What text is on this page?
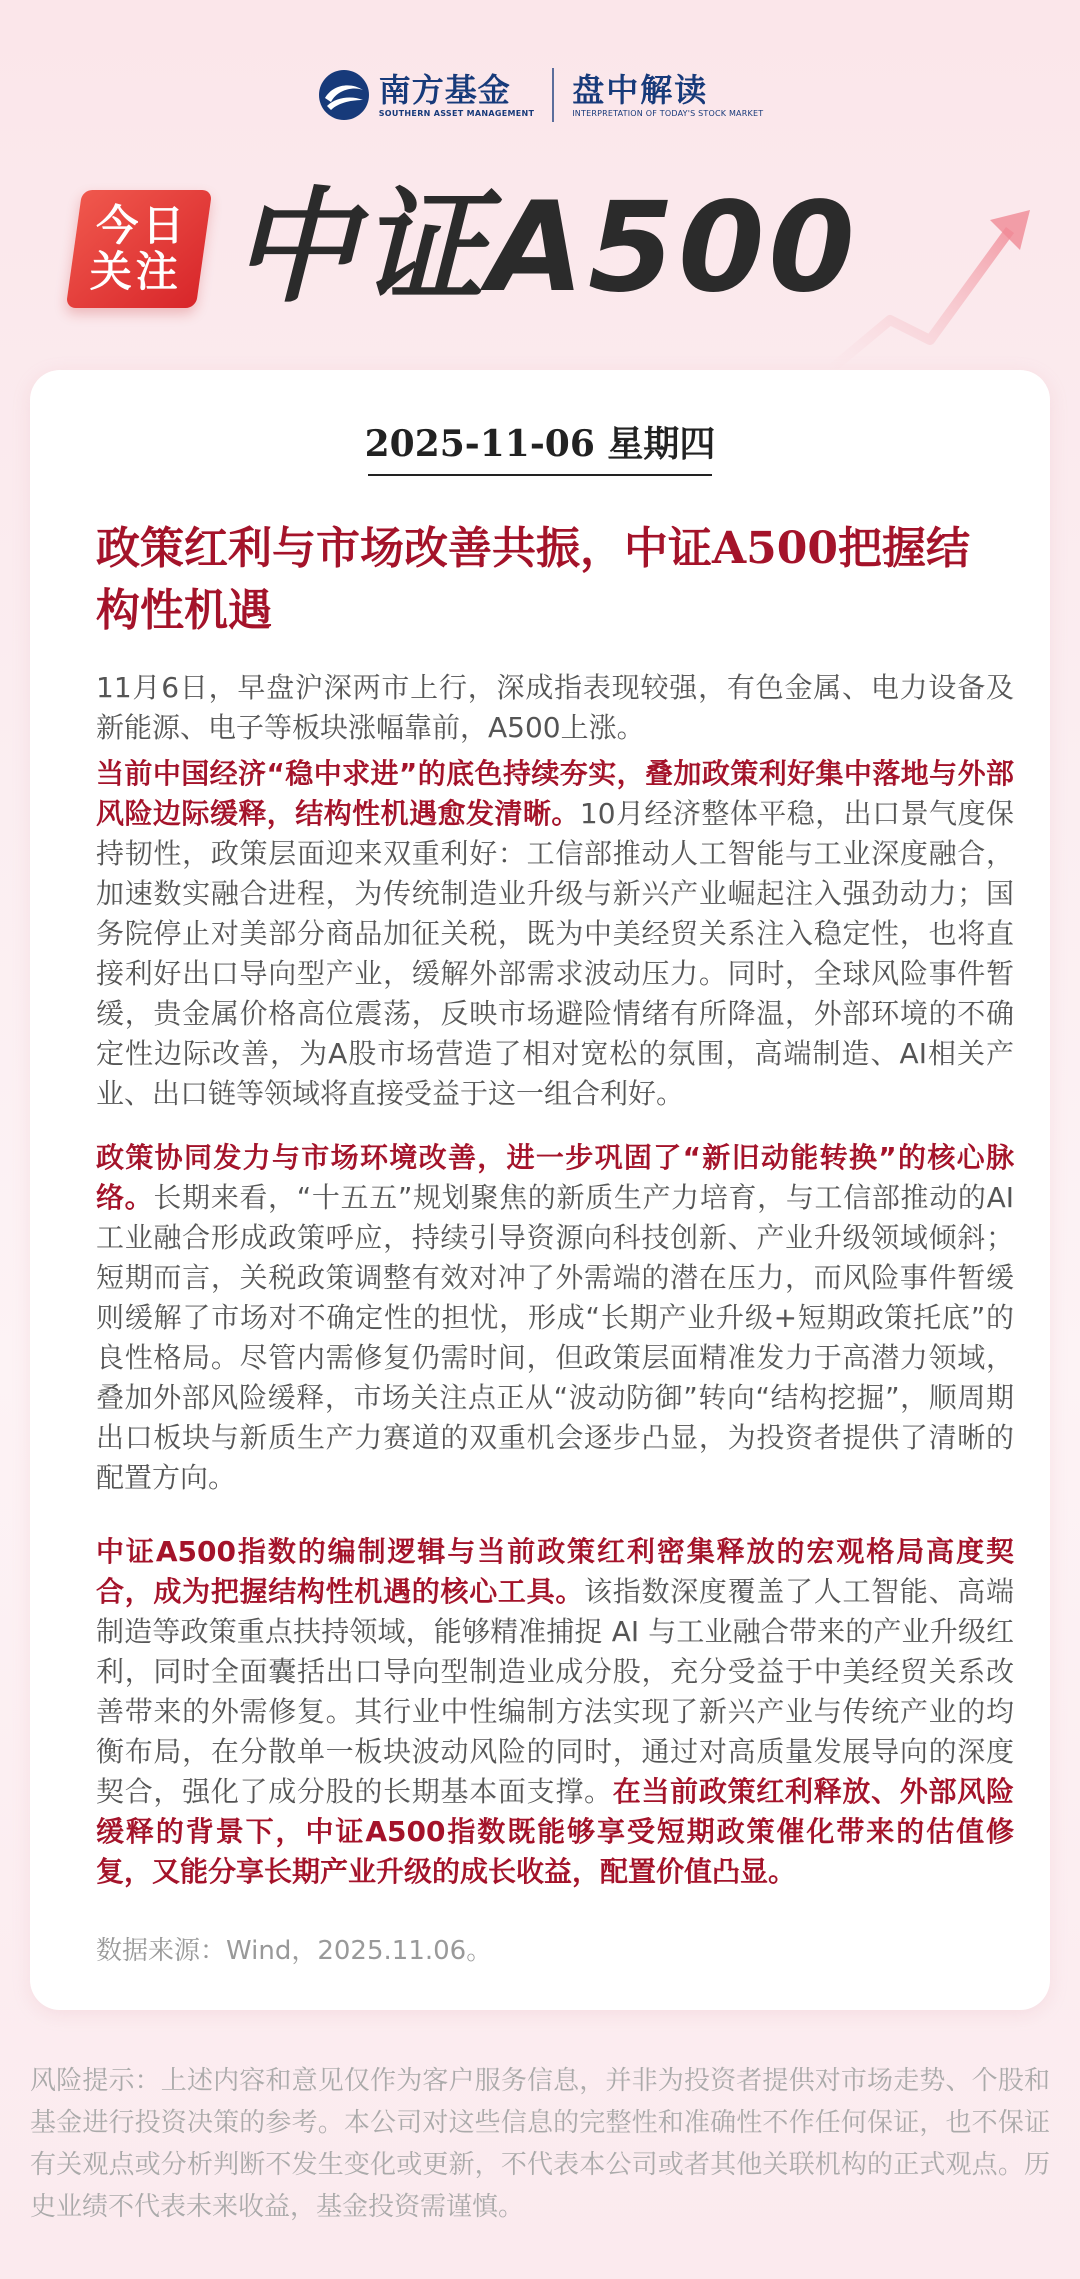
南方基金
SOUTHERN ASSET MANAGEMENT
盘中解读
INTERPRETATION OF TODAY'S STOCK MARKET
今日
关注 中证A500
2025-11-06 星期四
政策红利与市场改善共振，中证A500把握结构性机遇

11月6日，早盘沪深两市上行，深成指表现较强，有色金属、电力设备及新能源、电子等板块涨幅靠前，A500上涨。

当前中国经济“稳中求进”的底色持续夯实，叠加政策利好集中落地与外部风险边际缓释，结构性机遇愈发清晰。10月经济整体平稳，出口景气度保持韧性，政策层面迎来双重利好：工信部推动人工智能与工业深度融合，加速数实融合进程，为传统制造业升级与新兴产业崛起注入强劲动力；国务院停止对美部分商品加征关税，既为中美经贸关系注入稳定性，也将直接利好出口导向型产业，缓解外部需求波动压力。同时，全球风险事件暂缓，贵金属价格高位震荡，反映市场避险情绪有所降温，外部环境的不确定性边际改善，为A股市场营造了相对宽松的氛围，高端制造、AI相关产业、出口链等领域将直接受益于这一组合利好。

政策协同发力与市场环境改善，进一步巩固了“新旧动能转换”的核心脉络。长期来看，“十五五”规划聚焦的新质生产力培育，与工信部推动的AI工业融合形成政策呼应，持续引导资源向科技创新、产业升级领域倾斜；短期而言，关税政策调整有效对冲了外需端的潜在压力，而风险事件暂缓则缓解了市场对不确定性的担忧，形成“长期产业升级+短期政策托底”的良性格局。尽管内需修复仍需时间，但政策层面精准发力于高潜力领域，叠加外部风险缓释，市场关注点正从“波动防御”转向“结构挖掘”，顺周期出口板块与新质生产力赛道的双重机会逐步凸显，为投资者提供了清晰的配置方向。

中证A500指数的编制逻辑与当前政策红利密集释放的宏观格局高度契合，成为把握结构性机遇的核心工具。该指数深度覆盖了人工智能、高端制造等政策重点扶持领域，能够精准捕捉 AI 与工业融合带来的产业升级红利，同时全面囊括出口导向型制造业成分股，充分受益于中美经贸关系改善带来的外需修复。其行业中性编制方法实现了新兴产业与传统产业的均衡布局，在分散单一板块波动风险的同时，通过对高质量发展导向的深度契合，强化了成分股的长期基本面支撑。在当前政策红利释放、外部风险缓释的背景下，中证A500指数既能够享受短期政策催化带来的估值修复，又能分享长期产业升级的成长收益，配置价值凸显。

数据来源：Wind，2025.11.06。

风险提示：上述内容和意见仅作为客户服务信息，并非为投资者提供对市场走势、个股和基金进行投资决策的参考。本公司对这些信息的完整性和准确性不作任何保证，也不保证有关观点或分析判断不发生变化或更新，不代表本公司或者其他关联机构的正式观点。历史业绩不代表未来收益，基金投资需谨慎。
